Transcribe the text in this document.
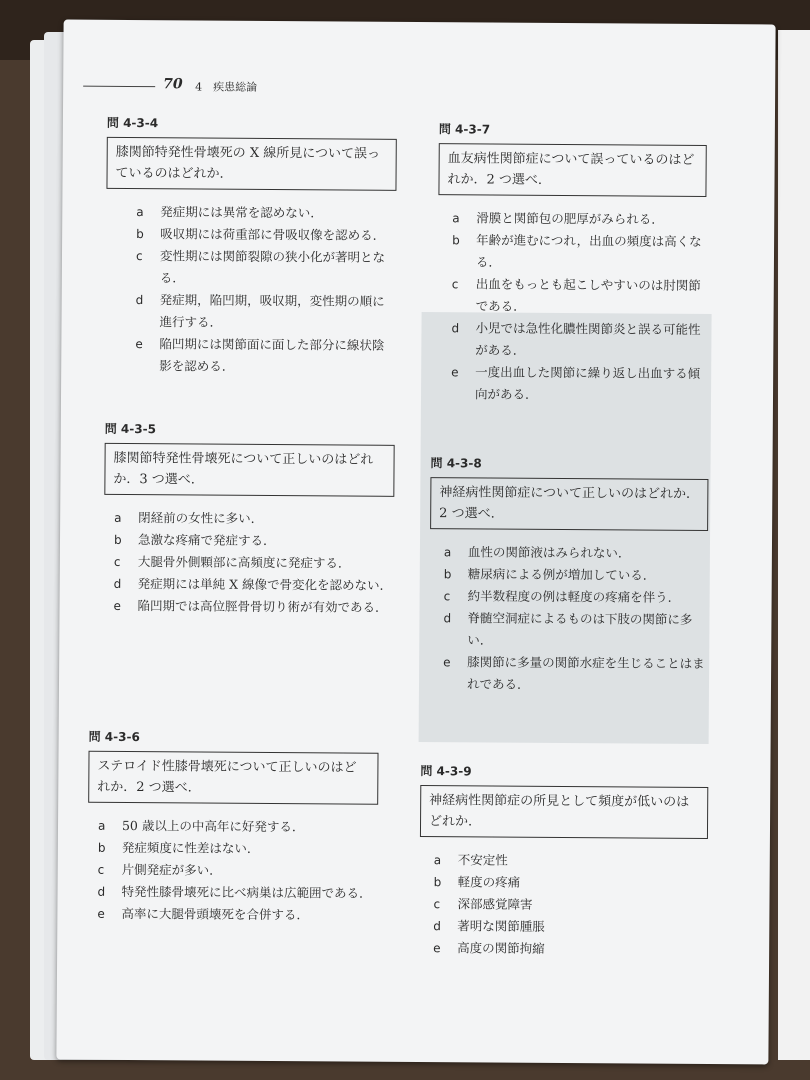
70 4　疾患総論
問 4-3-4
膝関節特発性骨壊死の X 線所見について誤っているのはどれか.
a	発症期には異常を認めない.
b	吸収期には荷重部に骨吸収像を認める.
c	変性期には関節裂隙の狭小化が著明となる.
d	発症期，陥凹期，吸収期，変性期の順に進行する.
e	陥凹期には関節面に面した部分に線状陰影を認める.
問 4-3-5
膝関節特発性骨壊死について正しいのはどれか．3 つ選べ.
a	閉経前の女性に多い.
b	急激な疼痛で発症する.
c	大腿骨外側顆部に高頻度に発症する.
d	発症期には単純 X 線像で骨変化を認めない.
e	陥凹期では高位脛骨骨切り術が有効である.
問 4-3-6
ステロイド性膝骨壊死について正しいのはどれか．2 つ選べ.
a	50 歳以上の中高年に好発する.
b	発症頻度に性差はない.
c	片側発症が多い.
d	特発性膝骨壊死に比べ病巣は広範囲である.
e	高率に大腿骨頭壊死を合併する.
問 4-3-7
血友病性関節症について誤っているのはどれか．2 つ選べ.
a	滑膜と関節包の肥厚がみられる.
b	年齢が進むにつれ，出血の頻度は高くなる.
c	出血をもっとも起こしやすいのは肘関節である.
d	小児では急性化膿性関節炎と誤る可能性がある.
e	一度出血した関節に繰り返し出血する傾向がある.
問 4-3-8
神経病性関節症について正しいのはどれか．2 つ選べ.
a	血性の関節液はみられない.
b	糖尿病による例が増加している.
c	約半数程度の例は軽度の疼痛を伴う.
d	脊髄空洞症によるものは下肢の関節に多い.
e	膝関節に多量の関節水症を生じることはまれである.
問 4-3-9
神経病性関節症の所見として頻度が低いのはどれか.
a	不安定性
b	軽度の疼痛
c	深部感覚障害
d	著明な関節腫脹
e	高度の関節拘縮
